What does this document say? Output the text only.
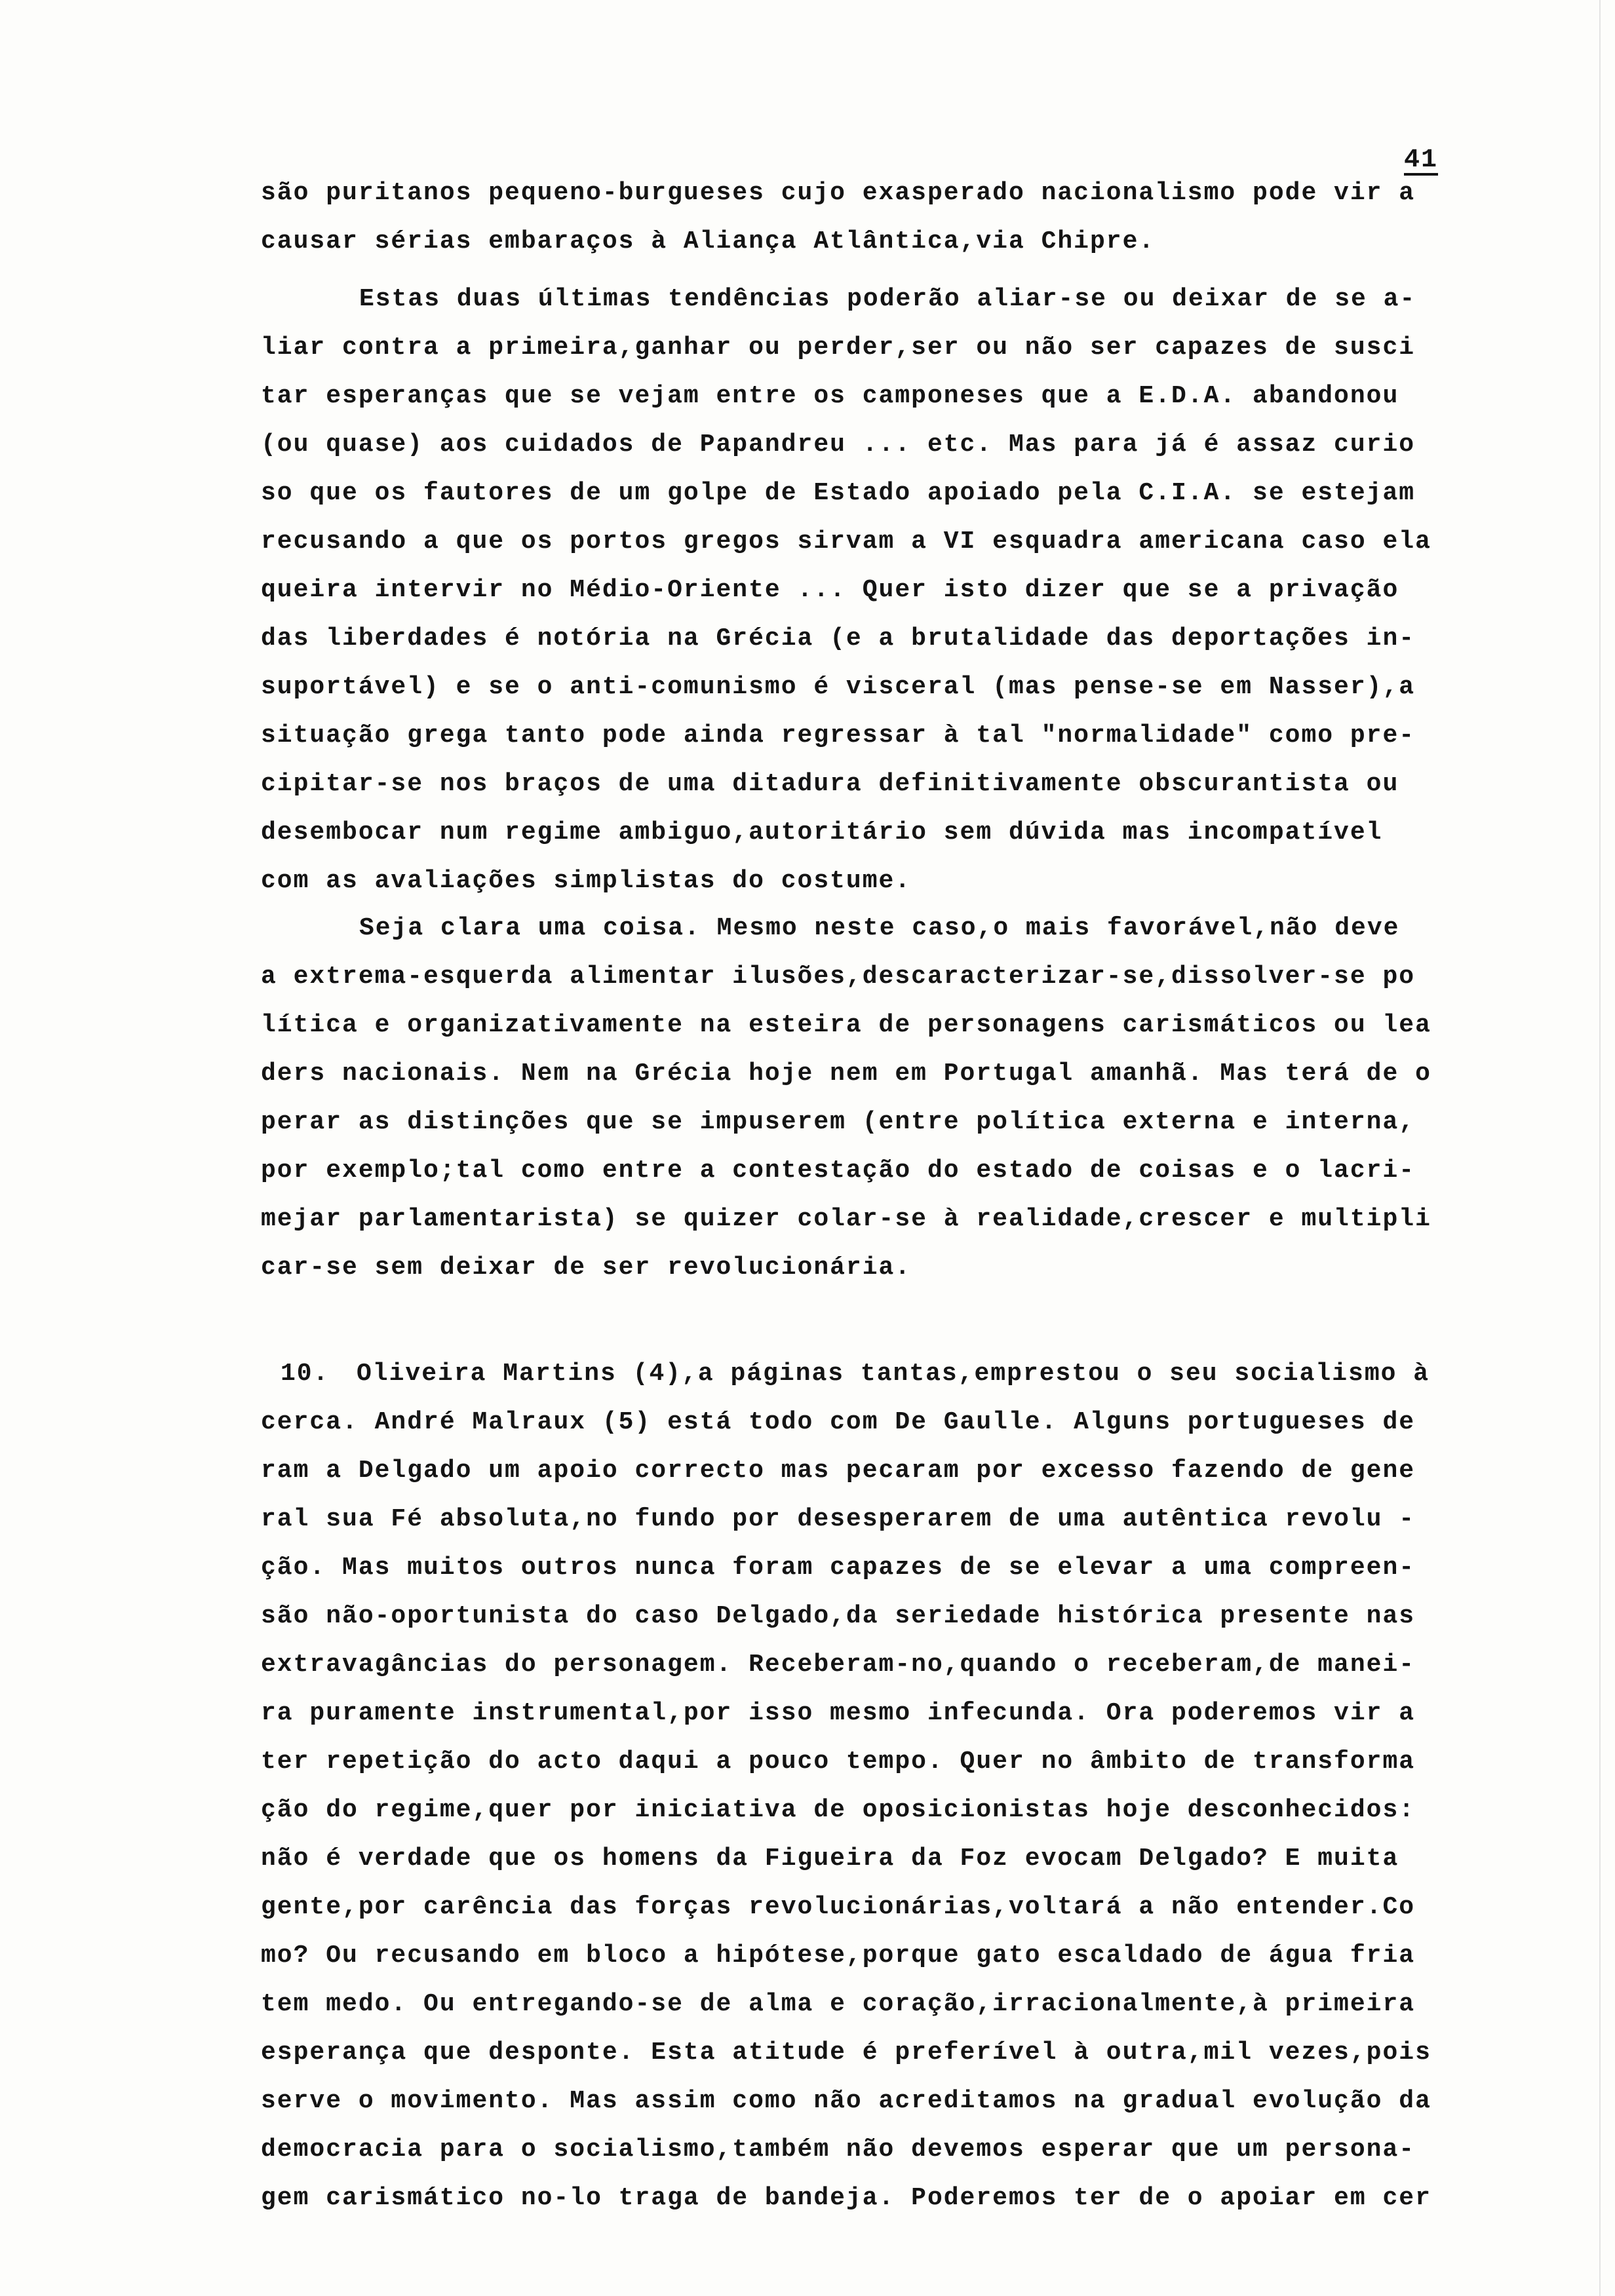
41
são puritanos pequeno-burgueses cujo exasperado nacionalismo pode vir a
causar sérias embaraços à Aliança Atlântica,via Chipre.
Estas duas últimas tendências poderão aliar-se ou deixar de se a-
liar contra a primeira,ganhar ou perder,ser ou não ser capazes de susci
tar esperanças que se vejam entre os camponeses que a E.D.A. abandonou
(ou quase) aos cuidados de Papandreu ... etc. Mas para já é assaz curio
so que os fautores de um golpe de Estado apoiado pela C.I.A. se estejam
recusando a que os portos gregos sirvam a VI esquadra americana caso ela
queira intervir no Médio-Oriente ... Quer isto dizer que se a privação
das liberdades é notória na Grécia (e a brutalidade das deportações in-
suportável) e se o anti-comunismo é visceral (mas pense-se em Nasser),a
situação grega tanto pode ainda regressar à tal "normalidade" como pre-
cipitar-se nos braços de uma ditadura definitivamente obscurantista ou
desembocar num regime ambiguo,autoritário sem dúvida mas incompatível
com as avaliações simplistas do costume.
Seja clara uma coisa. Mesmo neste caso,o mais favorável,não deve
a extrema-esquerda alimentar ilusões,descaracterizar-se,dissolver-se po
lítica e organizativamente na esteira de personagens carismáticos ou lea
ders nacionais. Nem na Grécia hoje nem em Portugal amanhã. Mas terá de o
perar as distinções que se impuserem (entre política externa e interna,
por exemplo;tal como entre a contestação do estado de coisas e o lacri-
mejar parlamentarista) se quizer colar-se à realidade,crescer e multipli
car-se sem deixar de ser revolucionária.
10. Oliveira Martins (4),a páginas tantas,emprestou o seu socialismo à
cerca. André Malraux (5) está todo com De Gaulle. Alguns portugueses de
ram a Delgado um apoio correcto mas pecaram por excesso fazendo de gene
ral sua Fé absoluta,no fundo por desesperarem de uma autêntica revolu -
ção. Mas muitos outros nunca foram capazes de se elevar a uma compreen-
são não-oportunista do caso Delgado,da seriedade histórica presente nas
extravagâncias do personagem. Receberam-no,quando o receberam,de manei-
ra puramente instrumental,por isso mesmo infecunda. Ora poderemos vir a
ter repetição do acto daqui a pouco tempo. Quer no âmbito de transforma
ção do regime,quer por iniciativa de oposicionistas hoje desconhecidos:
não é verdade que os homens da Figueira da Foz evocam Delgado? E muita
gente,por carência das forças revolucionárias,voltará a não entender.Co
mo? Ou recusando em bloco a hipótese,porque gato escaldado de água fria
tem medo. Ou entregando-se de alma e coração,irracionalmente,à primeira
esperança que desponte. Esta atitude é preferível à outra,mil vezes,pois
serve o movimento. Mas assim como não acreditamos na gradual evolução da
democracia para o socialismo,também não devemos esperar que um persona-
gem carismático no-lo traga de bandeja. Poderemos ter de o apoiar em cer
